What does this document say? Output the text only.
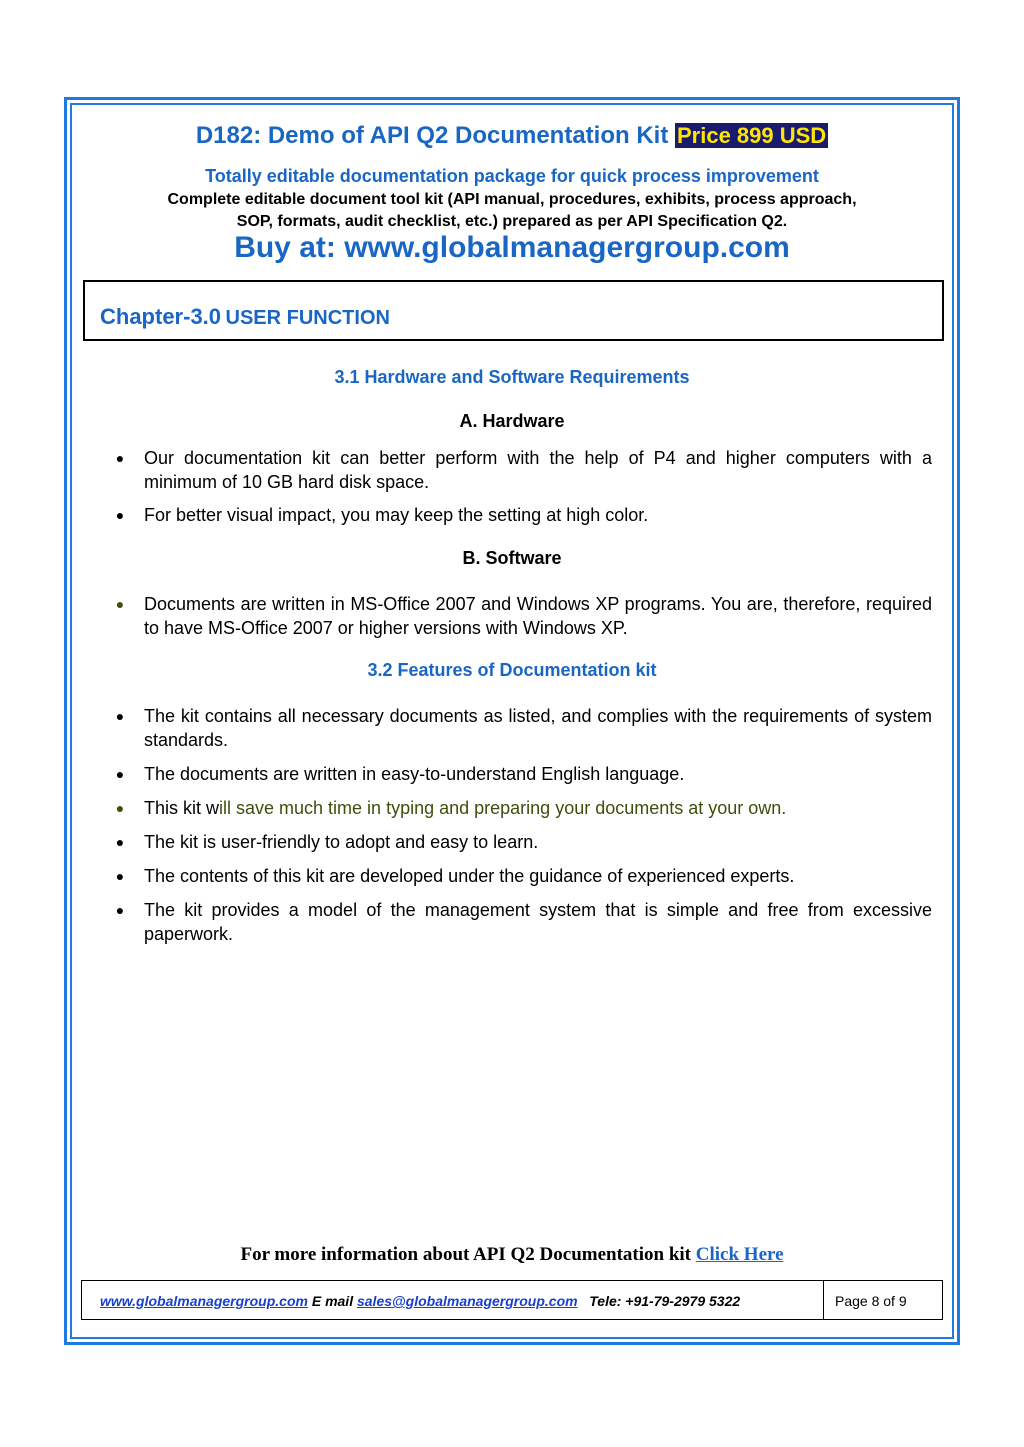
D182: Demo of API Q2 Documentation Kit Price 899 USD
Totally editable documentation package for quick process improvement
Complete editable document tool kit (API manual, procedures, exhibits, process approach,
SOP, formats, audit checklist, etc.) prepared as per API Specification Q2.
Buy at: www.globalmanagergroup.com
Chapter-3.0 USER FUNCTION
3.1 Hardware and Software Requirements
A. Hardware
●	Our documentation kit can better perform with the help of P4 and higher computers with a minimum of 10 GB hard disk space.
●	For better visual impact, you may keep the setting at high color.
B. Software
●	Documents are written in MS-Office 2007 and Windows XP programs. You are, therefore, required to have MS-Office 2007 or higher versions with Windows XP.
3.2 Features of Documentation kit
●	The kit contains all necessary documents as listed, and complies with the requirements of system standards.
●	The documents are written in easy-to-understand English language.
●	This kit will save much time in typing and preparing your documents at your own.
●	The kit is user-friendly to adopt and easy to learn.
●	The contents of this kit are developed under the guidance of experienced experts.
●	The kit provides a model of the management system that is simple and free from excessive paperwork.
For more information about API Q2 Documentation kit Click Here
www.globalmanagergroup.com E mail sales@globalmanagergroup.com Tele: +91-79-2979 5322	Page 8 of 9
